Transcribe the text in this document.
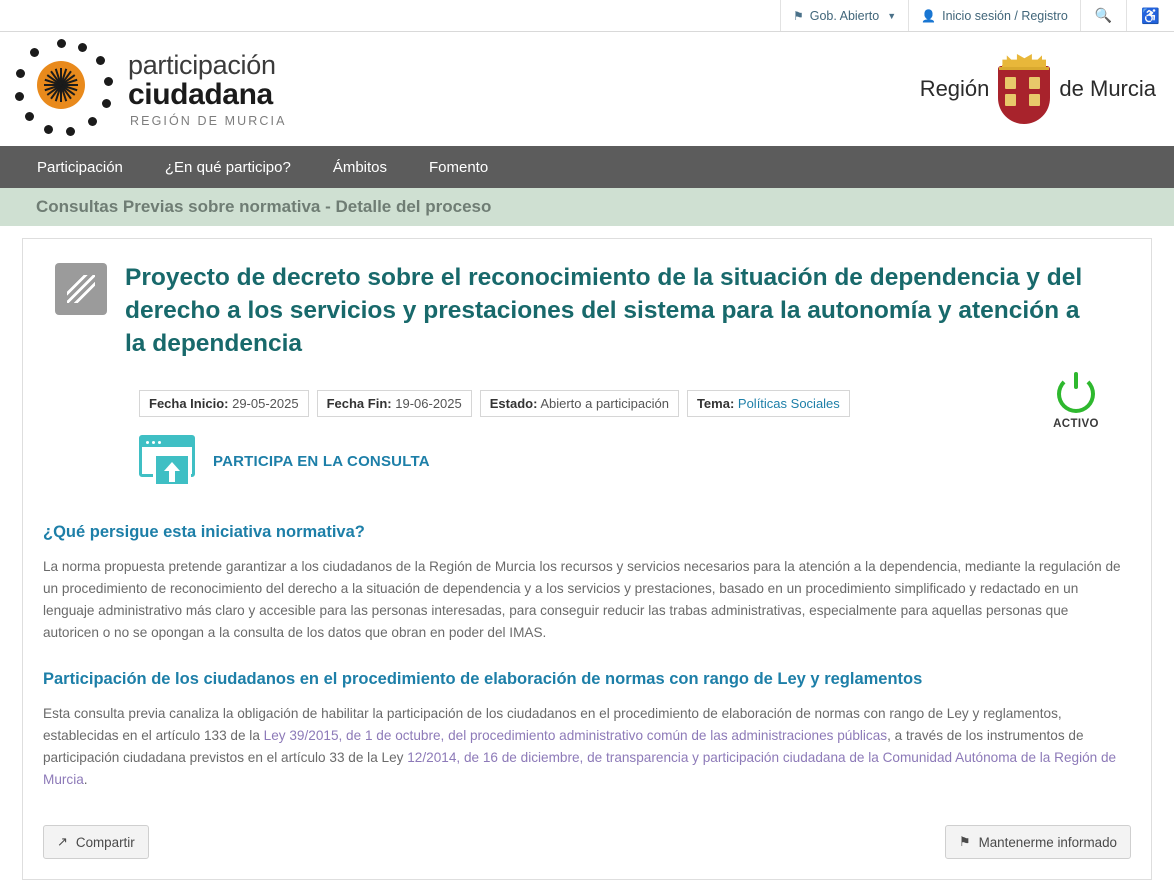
⚑ Gob. Abierto ▼ 👤 Inicio sesión / Registro 🔍 ♿
participación
ciudadana
REGIÓN DE MURCIA
Región	de Murcia
Participación	¿En qué participo?	Ámbitos	Fomento
Consultas Previas sobre normativa - Detalle del proceso
Proyecto de decreto sobre el reconocimiento de la situación de dependencia y del derecho a los servicios y prestaciones del sistema para la autonomía y atención a la dependencia
Fecha Inicio: 29-05-2025	Fecha Fin: 19-06-2025	Estado: Abierto a participación	Tema: Políticas Sociales
PARTICIPA EN LA CONSULTA
ACTIVO
¿Qué persigue esta iniciativa normativa?

La norma propuesta pretende garantizar a los ciudadanos de la Región de Murcia los recursos y servicios necesarios para la atención a la dependencia, mediante la regulación de un procedimiento de reconocimiento del derecho a la situación de dependencia y a los servicios y prestaciones, basado en un procedimiento simplificado y redactado en un lenguaje administrativo más claro y accesible para las personas interesadas, para conseguir reducir las trabas administrativas, especialmente para aquellas personas que autoricen o no se opongan a la consulta de los datos que obran en poder del IMAS.

Participación de los ciudadanos en el procedimiento de elaboración de normas con rango de Ley y reglamentos

Esta consulta previa canaliza la obligación de habilitar la participación de los ciudadanos en el procedimiento de elaboración de normas con rango de Ley y reglamentos, establecidas en el artículo 133 de la Ley 39/2015, de 1 de octubre, del procedimiento administrativo común de las administraciones públicas, a través de los instrumentos de participación ciudadana previstos en el artículo 33 de la Ley 12/2014, de 16 de diciembre, de transparencia y participación ciudadana de la Comunidad Autónoma de la Región de Murcia.

↗ Compartir	⚑ Mantenerme informado
